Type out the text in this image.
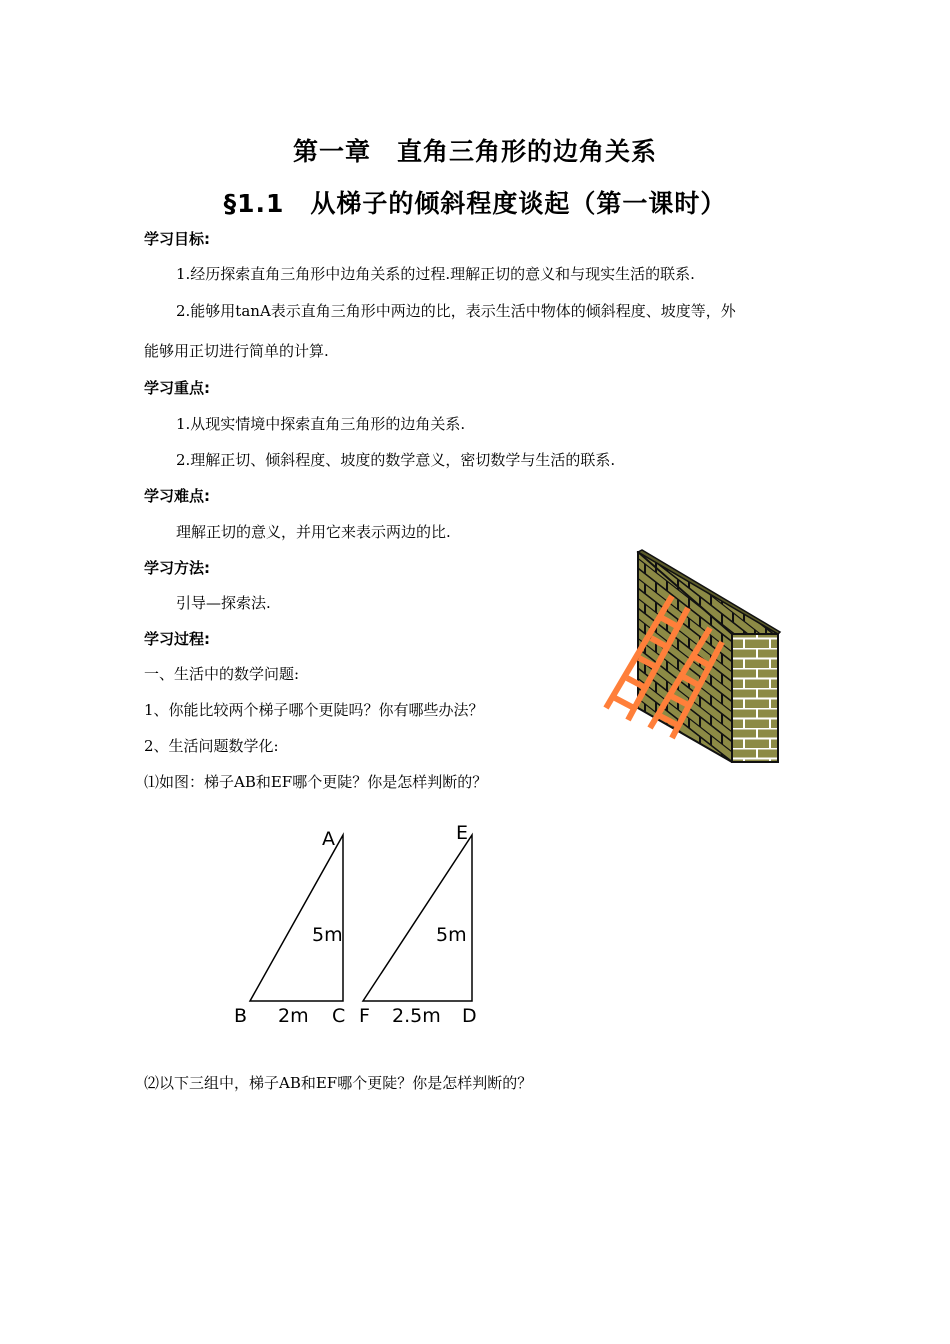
第一章　直角三角形的边角关系
§1.1　从梯子的倾斜程度谈起（第一课时）
学习目标:
1.经历探索直角三角形中边角关系的过程.理解正切的意义和与现实生活的联系.
2.能够用tanA表示直角三角形中两边的比，表示生活中物体的倾斜程度、坡度等，外
能够用正切进行简单的计算.
学习重点:
1.从现实情境中探索直角三角形的边角关系.
2.理解正切、倾斜程度、坡度的数学意义，密切数学与生活的联系.
学习难点:
理解正切的意义，并用它来表示两边的比.
学习方法:
引导—探索法.
学习过程:
一、生活中的数学问题:
1、你能比较两个梯子哪个更陡吗？你有哪些办法？
2、生活问题数学化:
⑴如图：梯子AB和EF哪个更陡？你是怎样判断的？
A
B	C
5m
2m
E
F	D
5m
2.5m
⑵以下三组中，梯子AB和EF哪个更陡？你是怎样判断的？
